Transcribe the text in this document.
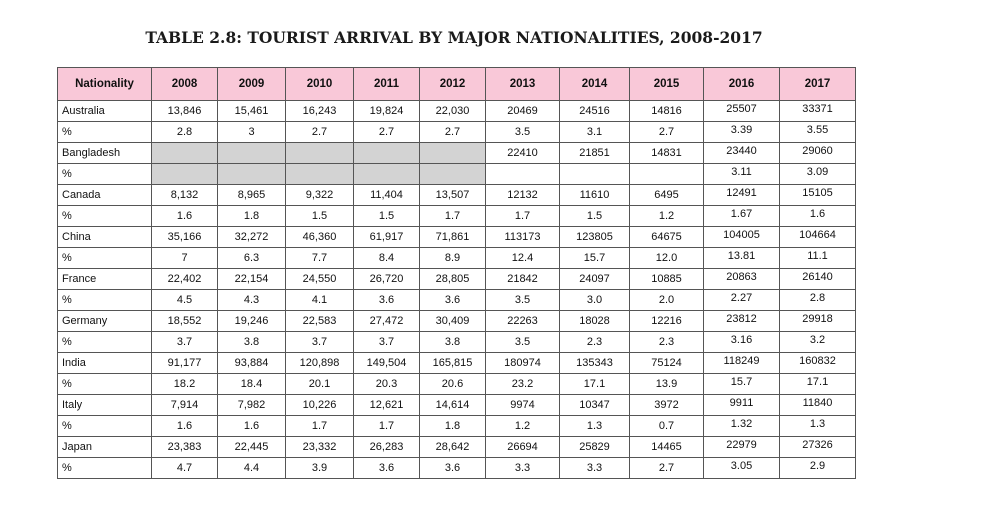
TABLE 2.8: TOURIST ARRIVAL BY MAJOR NATIONALITIES, 2008-2017
Nationality	2008	2009	2010	2011	2012	2013	2014	2015	2016	2017
Australia	13,846	15,461	16,243	19,824	22,030	20469	24516	14816	25507	33371
%	2.8	3	2.7	2.7	2.7	3.5	3.1	2.7	3.39	3.55
Bangladesh						22410	21851	14831	23440	29060
%									3.11	3.09
Canada	8,132	8,965	9,322	11,404	13,507	12132	11610	6495	12491	15105
%	1.6	1.8	1.5	1.5	1.7	1.7	1.5	1.2	1.67	1.6
China	35,166	32,272	46,360	61,917	71,861	113173	123805	64675	104005	104664
%	7	6.3	7.7	8.4	8.9	12.4	15.7	12.0	13.81	11.1
France	22,402	22,154	24,550	26,720	28,805	21842	24097	10885	20863	26140
%	4.5	4.3	4.1	3.6	3.6	3.5	3.0	2.0	2.27	2.8
Germany	18,552	19,246	22,583	27,472	30,409	22263	18028	12216	23812	29918
%	3.7	3.8	3.7	3.7	3.8	3.5	2.3	2.3	3.16	3.2
India	91,177	93,884	120,898	149,504	165,815	180974	135343	75124	118249	160832
%	18.2	18.4	20.1	20.3	20.6	23.2	17.1	13.9	15.7	17.1
Italy	7,914	7,982	10,226	12,621	14,614	9974	10347	3972	9911	11840
%	1.6	1.6	1.7	1.7	1.8	1.2	1.3	0.7	1.32	1.3
Japan	23,383	22,445	23,332	26,283	28,642	26694	25829	14465	22979	27326
%	4.7	4.4	3.9	3.6	3.6	3.3	3.3	2.7	3.05	2.9
